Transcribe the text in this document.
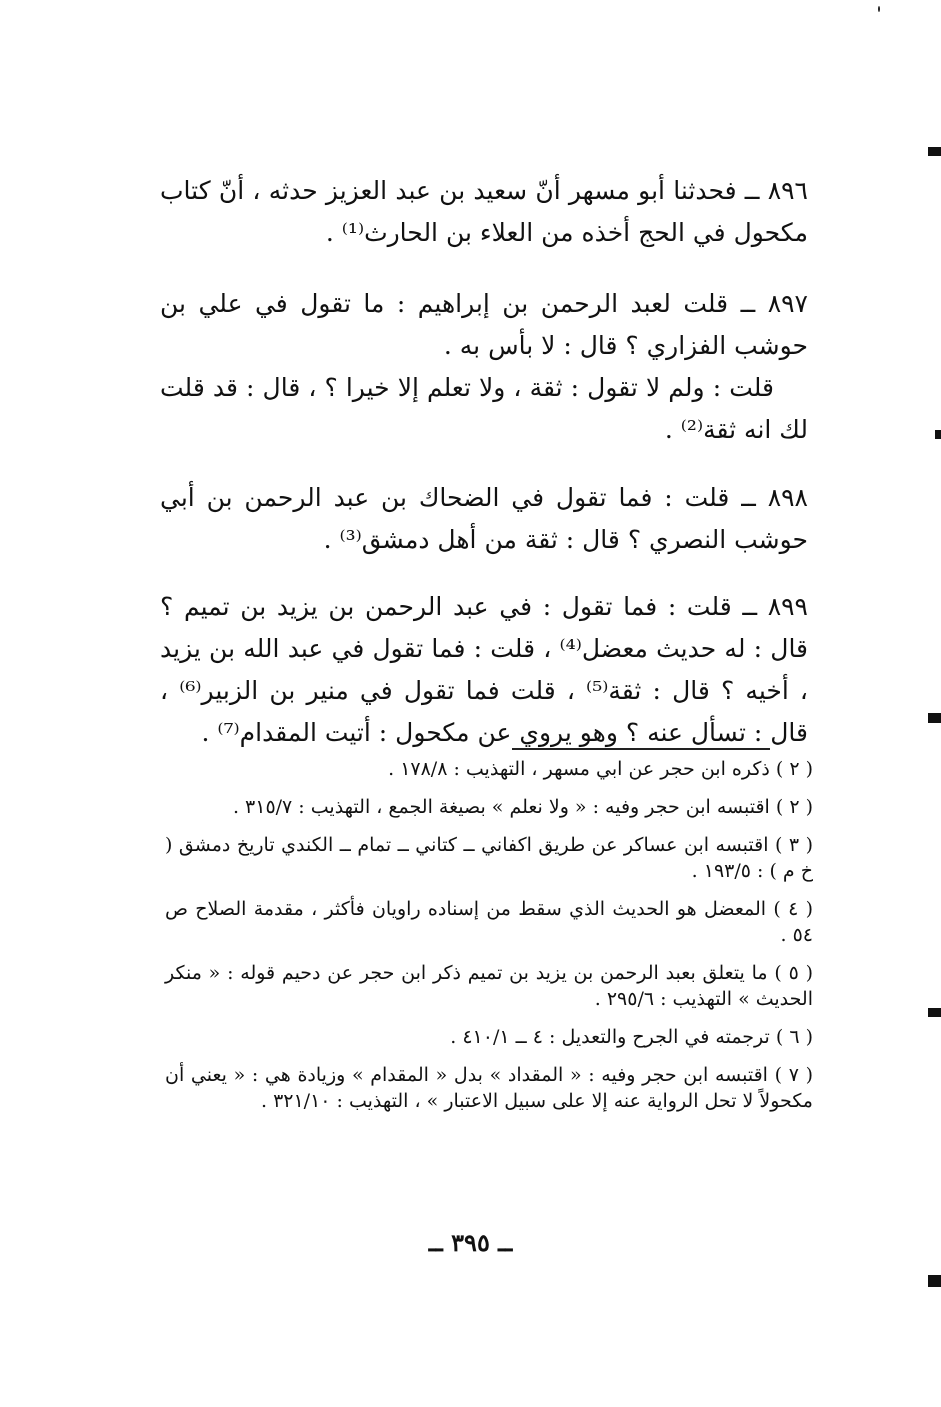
٨٩٦ ــ فحدثنا أبو مسهر أنّ سعيد بن عبد العزيز حدثه ، أنّ كتاب مكحول في الحج أخذه من العلاء بن الحارث⁽¹⁾ .

٨٩٧ ــ قلت لعبد الرحمن بن إبراهيم : ما تقول في علي بن حوشب الفزاري ؟ قال : لا بأس به .

قلت : ولم لا تقول : ثقة ، ولا تعلم إلا خيرا ؟ ، قال : قد قلت لك انه ثقة⁽²⁾ .

٨٩٨ ــ قلت : فما تقول في الضحاك بن عبد الرحمن بن أبي حوشب النصري ؟ قال : ثقة من أهل دمشق⁽³⁾ .

٨٩٩ ــ قلت : فما تقول : في عبد الرحمن بن يزيد بن تميم ؟ قال : له حديث معضل⁽⁴⁾ ، قلت : فما تقول في عبد الله بن يزيد ، أخيه ؟ قال : ثقة⁽⁵⁾ ، قلت فما تقول في منير بن الزبير⁽⁶⁾ ، قال : تسأل عنه ؟ وهو يروي عن مكحول : أتيت المقدام⁽⁷⁾ .

( ٢ ) ذكره ابن حجر عن ابي مسهر ، التهذيب : ١٧٨/٨ .

( ٢ ) اقتبسه ابن حجر وفيه : « ولا نعلم » بصيغة الجمع ، التهذيب : ٣١٥/٧ .

( ٣ ) اقتبسه ابن عساكر عن طريق اكفاني ــ كتاني ــ تمام ــ الكندي تاريخ دمشق ( خ م ) : ١٩٣/٥ .

( ٤ ) المعضل هو الحديث الذي سقط من إسناده راويان فأكثر ، مقدمة الصلاح ص ٥٤ .

( ٥ ) ما يتعلق بعبد الرحمن بن يزيد بن تميم ذكر ابن حجر عن دحيم قوله : « منكر الحديث » التهذيب : ٢٩٥/٦ .

( ٦ ) ترجمته في الجرح والتعديل : ٤ ــ ٤١٠/١ .

( ٧ ) اقتبسه ابن حجر وفيه : « المقداد » بدل « المقدام » وزيادة هي : « يعني أن مكحولاً لا تحل الرواية عنه إلا على سبيل الاعتبار » ، التهذيب : ٣٢١/١٠ .

ــ ٣٩٥ ــ
